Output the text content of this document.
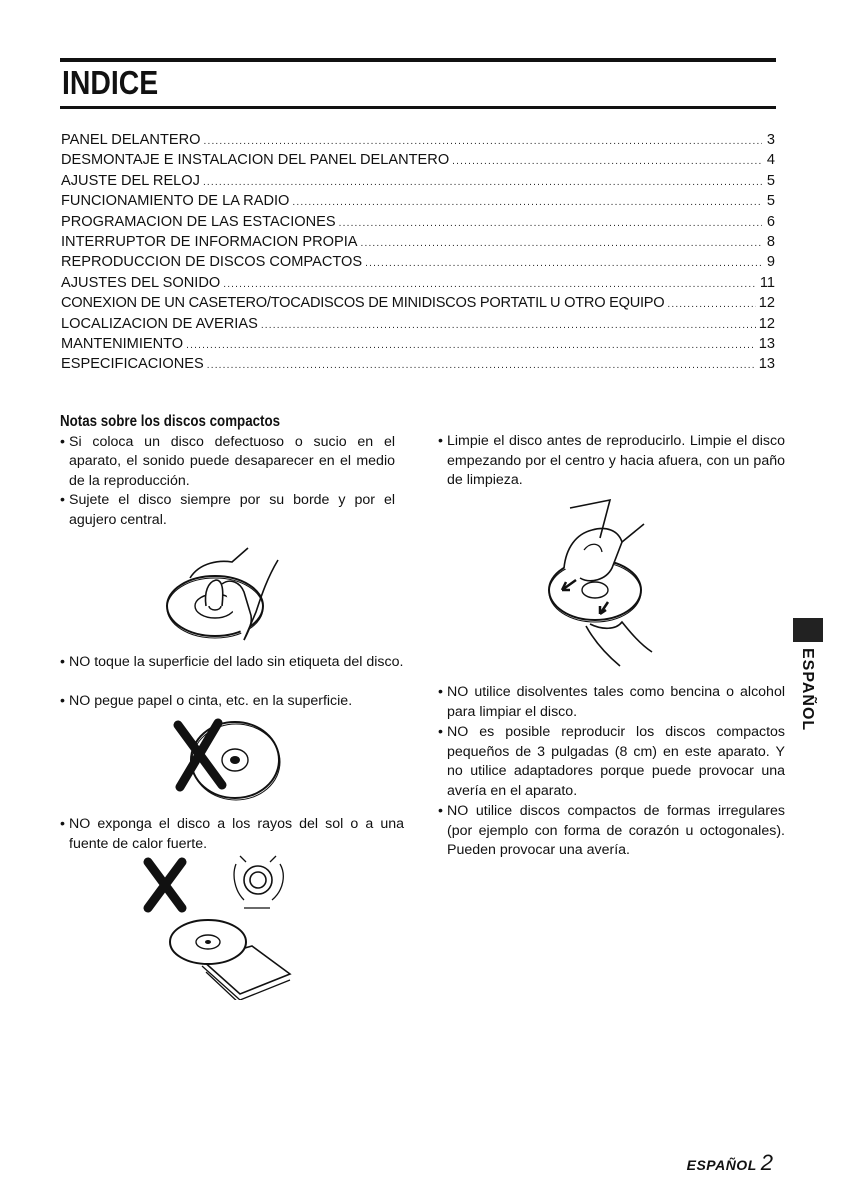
INDICE
PANEL DELANTERO .....	3
DESMONTAJE E INSTALACION DEL PANEL DELANTERO .....	4
AJUSTE DEL RELOJ .....	5
FUNCIONAMIENTO DE LA RADIO .....	5
PROGRAMACION DE LAS ESTACIONES .....	6
INTERRUPTOR DE INFORMACION PROPIA .....	8
REPRODUCCION DE DISCOS COMPACTOS .....	9
AJUSTES DEL SONIDO .....	11
CONEXION DE UN CASETERO/TOCADISCOS DE MINIDISCOS PORTATIL U OTRO EQUIPO .....	12
LOCALIZACION DE AVERIAS .....	12
MANTENIMIENTO .....	13
ESPECIFICACIONES .....	13
Notas sobre los discos compactos

• Si coloca un disco defectuoso o sucio en el aparato, el sonido puede desaparecer en el medio de la reproducción.

• Sujete el disco siempre por su borde y por el agujero central.

• NO toque la superficie del lado sin etiqueta del disco.

• NO pegue papel o cinta, etc. en la superficie.

• NO exponga el disco a los rayos del sol o a una fuente de calor fuerte.

• Limpie el disco antes de reproducirlo. Limpie el disco empezando por el centro y hacia afuera, con un paño de limpieza.

• NO utilice disolventes tales como bencina o alcohol para limpiar el disco.

• NO es posible reproducir los discos compactos pequeños de 3 pulgadas (8 cm) en este aparato. Y no utilice adaptadores porque puede provocar una avería en el aparato.

• NO utilice discos compactos de formas irregulares (por ejemplo con forma de corazón u octogonales). Pueden provocar una avería.

ESPAÑOL
ESPAÑOL 2
